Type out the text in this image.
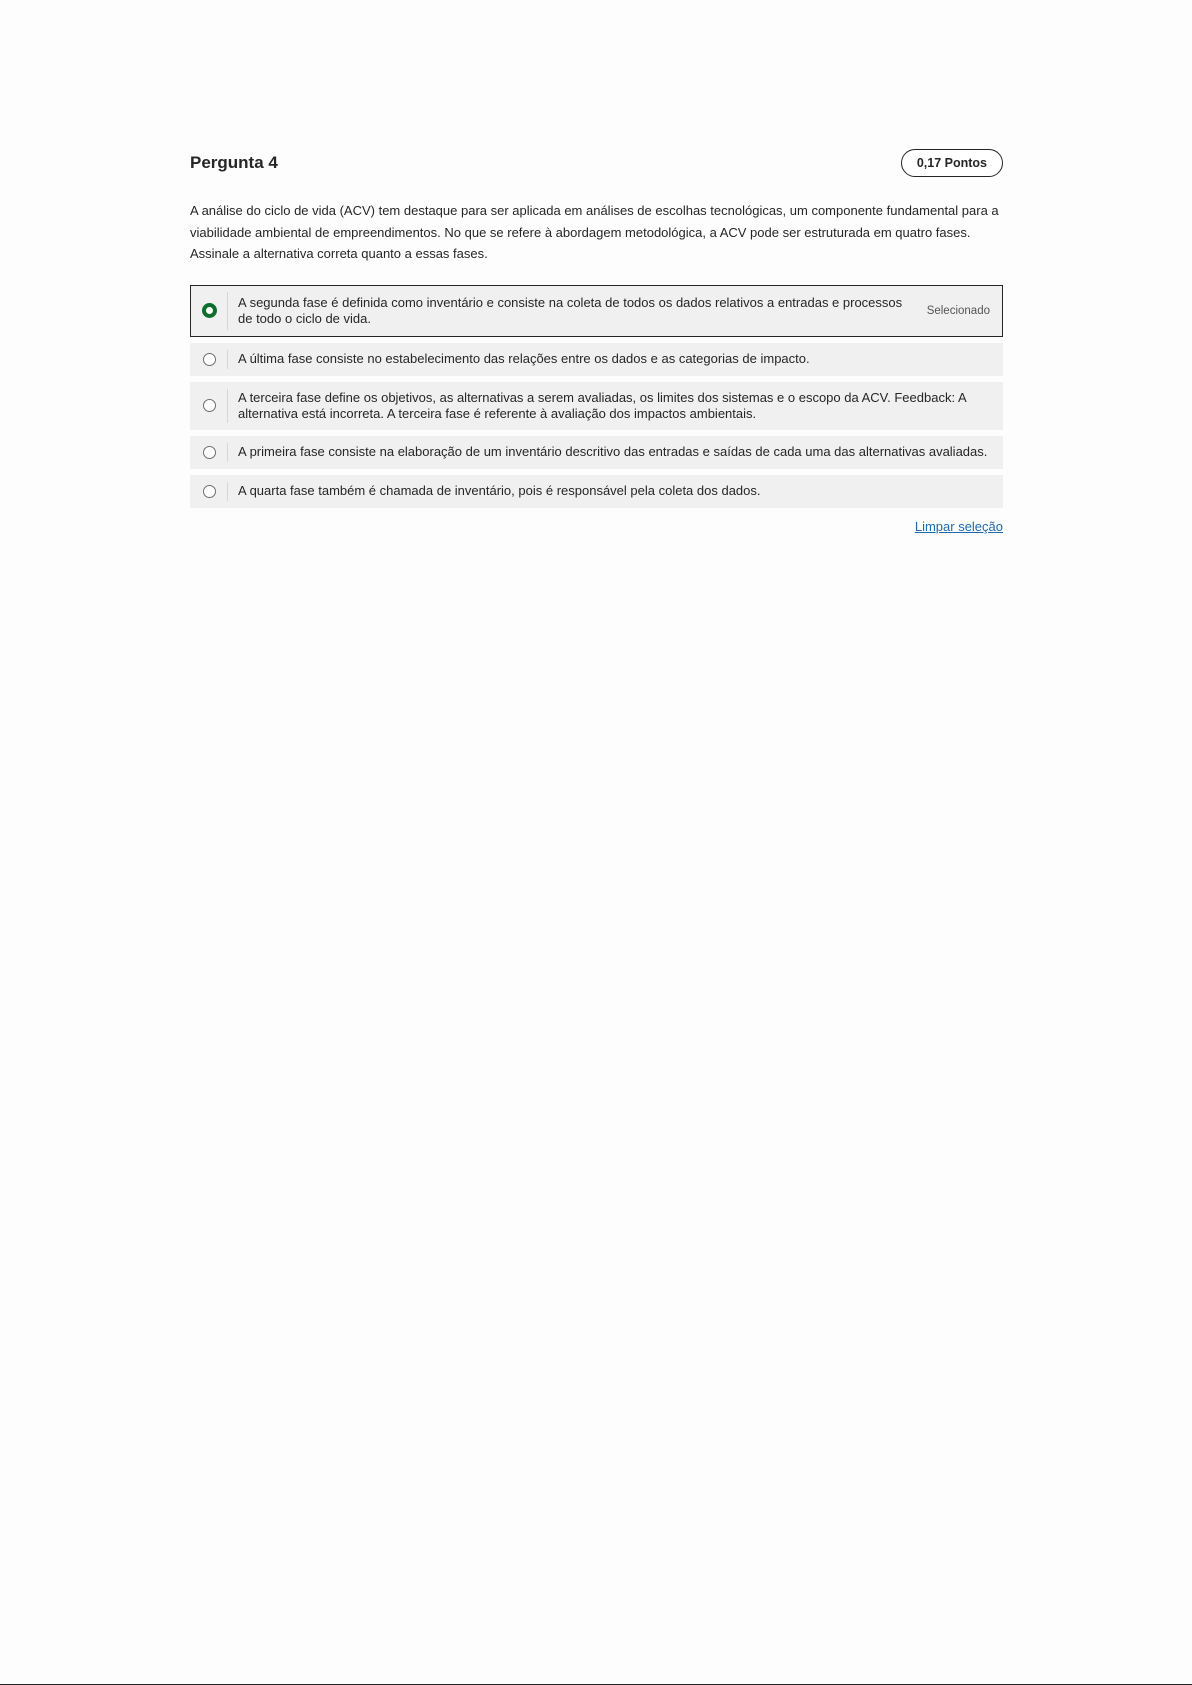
Pergunta 4	0,17 Pontos

A análise do ciclo de vida (ACV) tem destaque para ser aplicada em análises de escolhas tecnológicas, um componente fundamental para a viabilidade ambiental de empreendimentos. No que se refere à abordagem metodológica, a ACV pode ser estruturada em quatro fases. Assinale a alternativa correta quanto a essas fases.

A segunda fase é definida como inventário e consiste na coleta de todos os dados relativos a entradas e processos de todo o ciclo de vida.	Selecionado
A última fase consiste no estabelecimento das relações entre os dados e as categorias de impacto.
A terceira fase define os objetivos, as alternativas a serem avaliadas, os limites dos sistemas e o escopo da ACV. Feedback: A alternativa está incorreta. A terceira fase é referente à avaliação dos impactos ambientais.
A primeira fase consiste na elaboração de um inventário descritivo das entradas e saídas de cada uma das alternativas avaliadas.
A quarta fase também é chamada de inventário, pois é responsável pela coleta dos dados.
Limpar seleção
